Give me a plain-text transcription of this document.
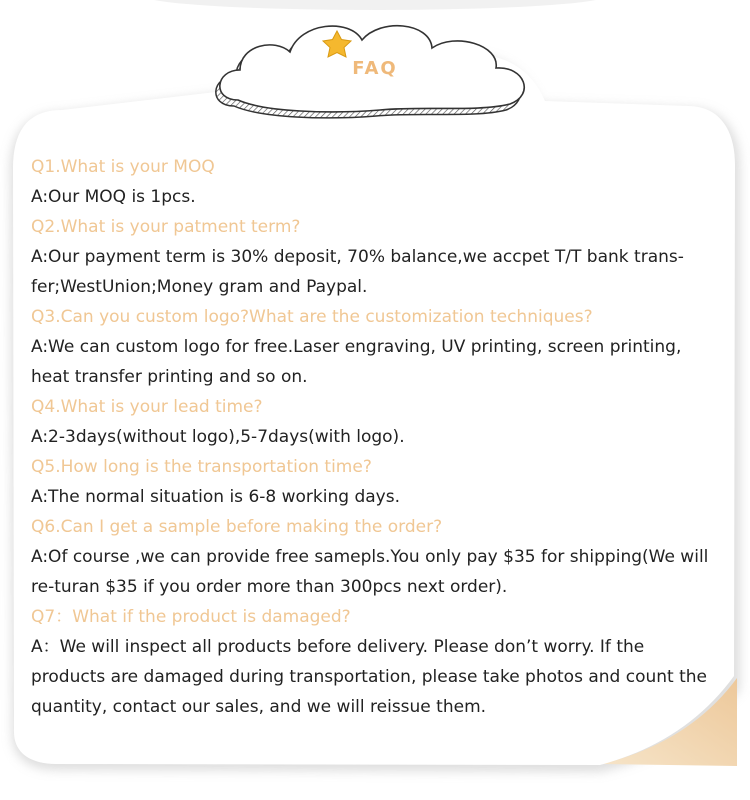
FAQ
Q1.What is your MOQ
A:Our MOQ is 1pcs.
Q2.What is your patment term?
A:Our payment term is 30% deposit, 70% balance,we accpet T/T bank trans-fer;WestUnion;Money gram and Paypal.
Q3.Can you custom logo?What are the customization techniques?
A:We can custom logo for free.Laser engraving, UV printing, screen printing, heat transfer printing and so on.
Q4.What is your lead time?
A:2-3days(without logo),5-7days(with logo).
Q5.How long is the transportation time?
A:The normal situation is 6-8 working days.
Q6.Can I get a sample before making the order?
A:Of course ,we can provide free samepls.You only pay $35 for shipping(We will re-turan $35 if you order more than 300pcs next order).
Q7：What if the product is damaged?
A：We will inspect all products before delivery. Please don’t worry. If the products are damaged during transportation, please take photos and count the quantity, contact our sales, and we will reissue them.
